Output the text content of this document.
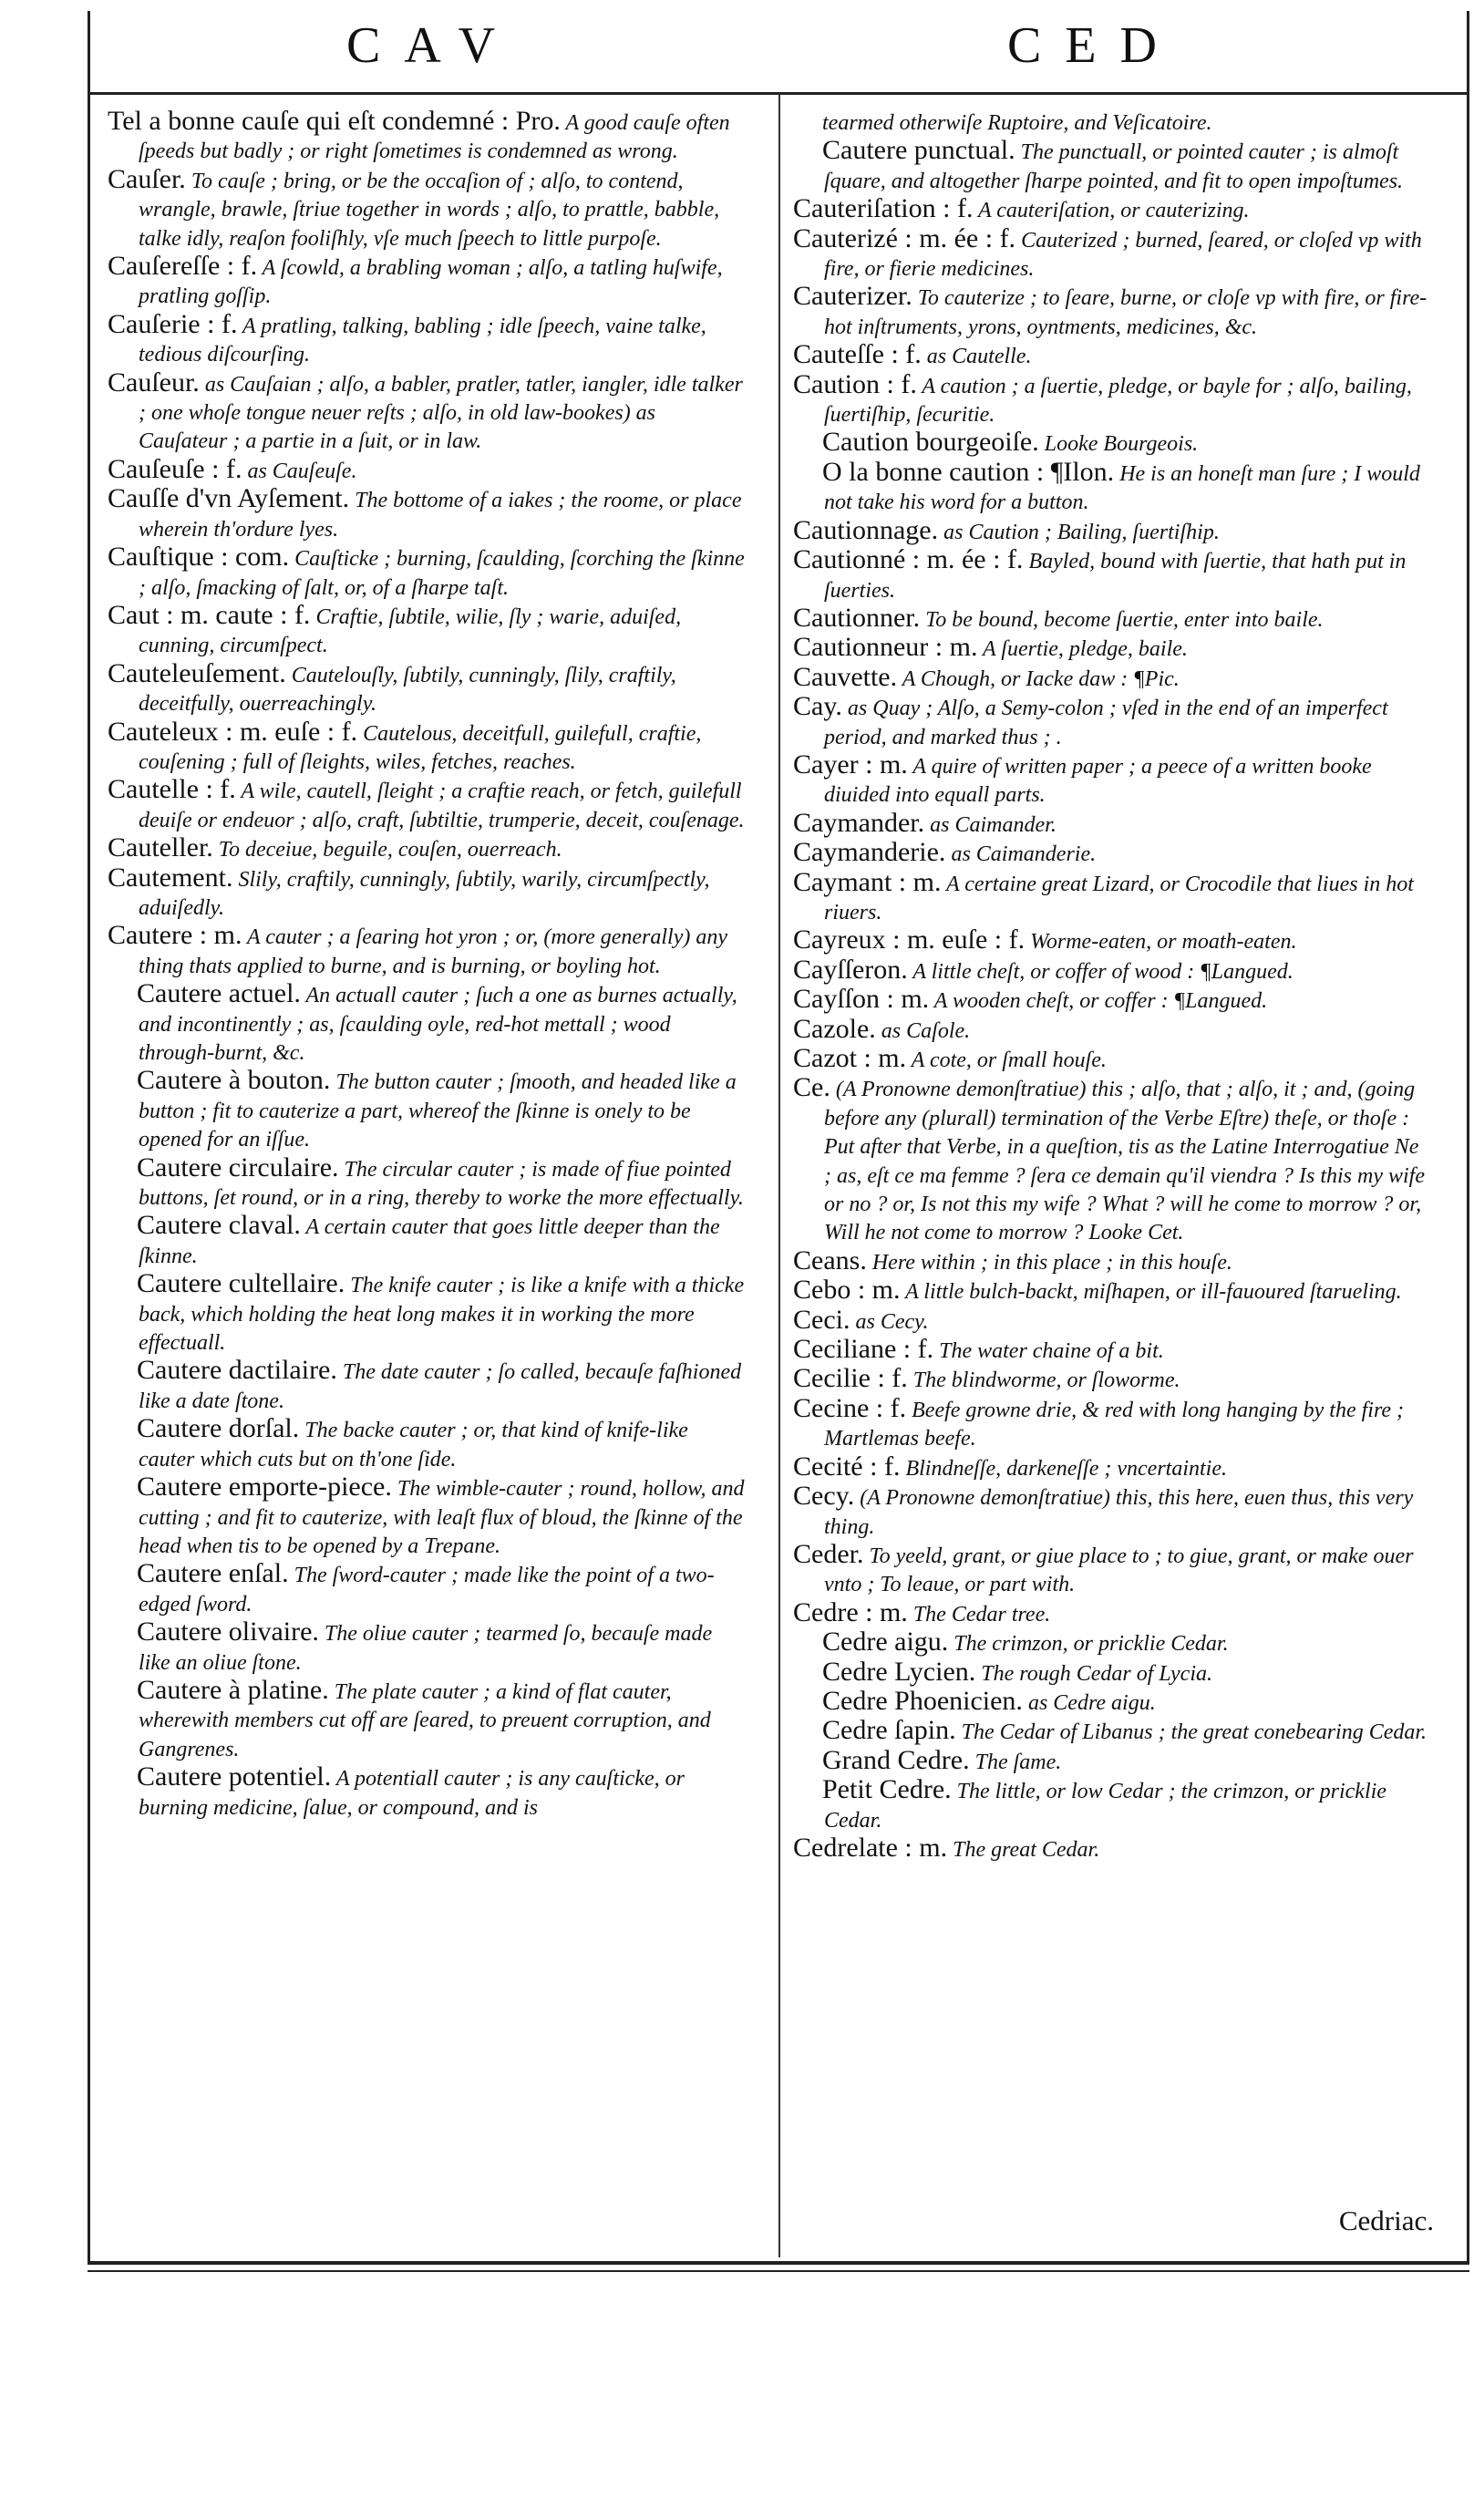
CAV	CED

Tel a bonne cauſe qui eſt condemné : Pro. A good cauſe often ſpeeds but badly ; or right ſometimes is condemned as wrong.

Cauſer. To cauſe ; bring, or be the occaſion of ; alſo, to contend, wrangle, brawle, ſtriue together in words ; alſo, to prattle, babble, talke idly, reaſon fooliſhly, vſe much ſpeech to little purpoſe.

Cauſereſſe : f. A ſcowld, a brabling woman ; alſo, a tatling huſwife, pratling goſſip.

Cauſerie : f. A pratling, talking, babling ; idle ſpeech, vaine talke, tedious diſcourſing.

Cauſeur. as Cauſaian ; alſo, a babler, pratler, tatler, iangler, idle talker ; one whoſe tongue neuer reſts ; alſo, in old law-bookes) as Cauſateur ; a partie in a ſuit, or in law.

Cauſeuſe : f. as Cauſeuſe.

Cauſſe d'vn Ayſement. The bottome of a iakes ; the roome, or place wherein th'ordure lyes.

Cauſtique : com. Cauſticke ; burning, ſcaulding, ſcorching the ſkinne ; alſo, ſmacking of ſalt, or, of a ſharpe taſt.

Caut : m. caute : f. Craftie, ſubtile, wilie, ſly ; warie, aduiſed, cunning, circumſpect.

Cauteleuſement. Cautelouſly, ſubtily, cunningly, ſlily, craftily, deceitfully, ouerreachingly.

Cauteleux : m. euſe : f. Cautelous, deceitfull, guilefull, craftie, couſening ; full of ſleights, wiles, fetches, reaches.

Cautelle : f. A wile, cautell, ſleight ; a craftie reach, or fetch, guilefull deuiſe or endeuor ; alſo, craft, ſubtiltie, trumperie, deceit, couſenage.

Cauteller. To deceiue, beguile, couſen, ouerreach.

Cautement. Slily, craftily, cunningly, ſubtily, warily, circumſpectly, aduiſedly.

Cautere : m. A cauter ; a ſearing hot yron ; or, (more generally) any thing thats applied to burne, and is burning, or boyling hot.

Cautere actuel. An actuall cauter ; ſuch a one as burnes actually, and incontinently ; as, ſcaulding oyle, red-hot mettall ; wood through-burnt, &c.

Cautere à bouton. The button cauter ; ſmooth, and headed like a button ; fit to cauterize a part, whereof the ſkinne is onely to be opened for an iſſue.

Cautere circulaire. The circular cauter ; is made of fiue pointed buttons, ſet round, or in a ring, thereby to worke the more effectually.

Cautere claval. A certain cauter that goes little deeper than the ſkinne.

Cautere cultellaire. The knife cauter ; is like a knife with a thicke back, which holding the heat long makes it in working the more effectuall.

Cautere dactilaire. The date cauter ; ſo called, becauſe faſhioned like a date ſtone.

Cautere dorſal. The backe cauter ; or, that kind of knife-like cauter which cuts but on th'one ſide.

Cautere emporte-piece. The wimble-cauter ; round, hollow, and cutting ; and fit to cauterize, with leaſt flux of bloud, the ſkinne of the head when tis to be opened by a Trepane.

Cautere enſal. The ſword-cauter ; made like the point of a two-edged ſword.

Cautere olivaire. The oliue cauter ; tearmed ſo, becauſe made like an oliue ſtone.

Cautere à platine. The plate cauter ; a kind of flat cauter, wherewith members cut off are ſeared, to preuent corruption, and Gangrenes.

Cautere potentiel. A potentiall cauter ; is any cauſticke, or burning medicine, ſalue, or compound, and is

tearmed otherwiſe Ruptoire, and Veſicatoire.

Cautere punctual. The punctuall, or pointed cauter ; is almoſt ſquare, and altogether ſharpe pointed, and fit to open impoſtumes.

Cauteriſation : f. A cauteriſation, or cauterizing.

Cauterizé : m. ée : f. Cauterized ; burned, ſeared, or cloſed vp with fire, or fierie medicines.

Cauterizer. To cauterize ; to ſeare, burne, or cloſe vp with fire, or fire-hot inſtruments, yrons, oyntments, medicines, &c.

Cauteſſe : f. as Cautelle.

Caution : f. A caution ; a ſuertie, pledge, or bayle for ; alſo, bailing, ſuertiſhip, ſecuritie.

Caution bourgeoiſe. Looke Bourgeois.

O la bonne caution : ¶Ilon. He is an honeſt man ſure ; I would not take his word for a button.

Cautionnage. as Caution ; Bailing, ſuertiſhip.

Cautionné : m. ée : f. Bayled, bound with ſuertie, that hath put in ſuerties.

Cautionner. To be bound, become ſuertie, enter into baile.

Cautionneur : m. A ſuertie, pledge, baile.

Cauvette. A Chough, or Iacke daw : ¶Pic.

Cay. as Quay ; Alſo, a Semy-colon ; vſed in the end of an imperfect period, and marked thus ; .

Cayer : m. A quire of written paper ; a peece of a written booke diuided into equall parts.

Caymander. as Caimander.

Caymanderie. as Caimanderie.

Caymant : m. A certaine great Lizard, or Crocodile that liues in hot riuers.

Cayreux : m. euſe : f. Worme-eaten, or moath-eaten.

Cayſſeron. A little cheſt, or coffer of wood : ¶Langued.

Cayſſon : m. A wooden cheſt, or coffer : ¶Langued.

Cazole. as Caſole.

Cazot : m. A cote, or ſmall houſe.

Ce. (A Pronowne demonſtratiue) this ; alſo, that ; alſo, it ; and, (going before any (plurall) termination of the Verbe Eſtre) theſe, or thoſe : Put after that Verbe, in a queſtion, tis as the Latine Interrogatiue Ne ; as, eſt ce ma femme ? ſera ce demain qu'il viendra ? Is this my wife or no ? or, Is not this my wife ? What ? will he come to morrow ? or, Will he not come to morrow ? Looke Cet.

Ceans. Here within ; in this place ; in this houſe.

Cebo : m. A little bulch-backt, miſhapen, or ill-fauoured ſtarueling.

Ceci. as Cecy.

Ceciliane : f. The water chaine of a bit.

Cecilie : f. The blindworme, or ſloworme.

Cecine : f. Beefe growne drie, & red with long hanging by the fire ; Martlemas beefe.

Cecité : f. Blindneſſe, darkeneſſe ; vncertaintie.

Cecy. (A Pronowne demonſtratiue) this, this here, euen thus, this very thing.

Ceder. To yeeld, grant, or giue place to ; to giue, grant, or make ouer vnto ; To leaue, or part with.

Cedre : m. The Cedar tree.

Cedre aigu. The crimzon, or pricklie Cedar.

Cedre Lycien. The rough Cedar of Lycia.

Cedre Phoenicien. as Cedre aigu.

Cedre ſapin. The Cedar of Libanus ; the great conebearing Cedar.

Grand Cedre. The ſame.

Petit Cedre. The little, or low Cedar ; the crimzon, or pricklie Cedar.

Cedrelate : m. The great Cedar.

Cedriac.
